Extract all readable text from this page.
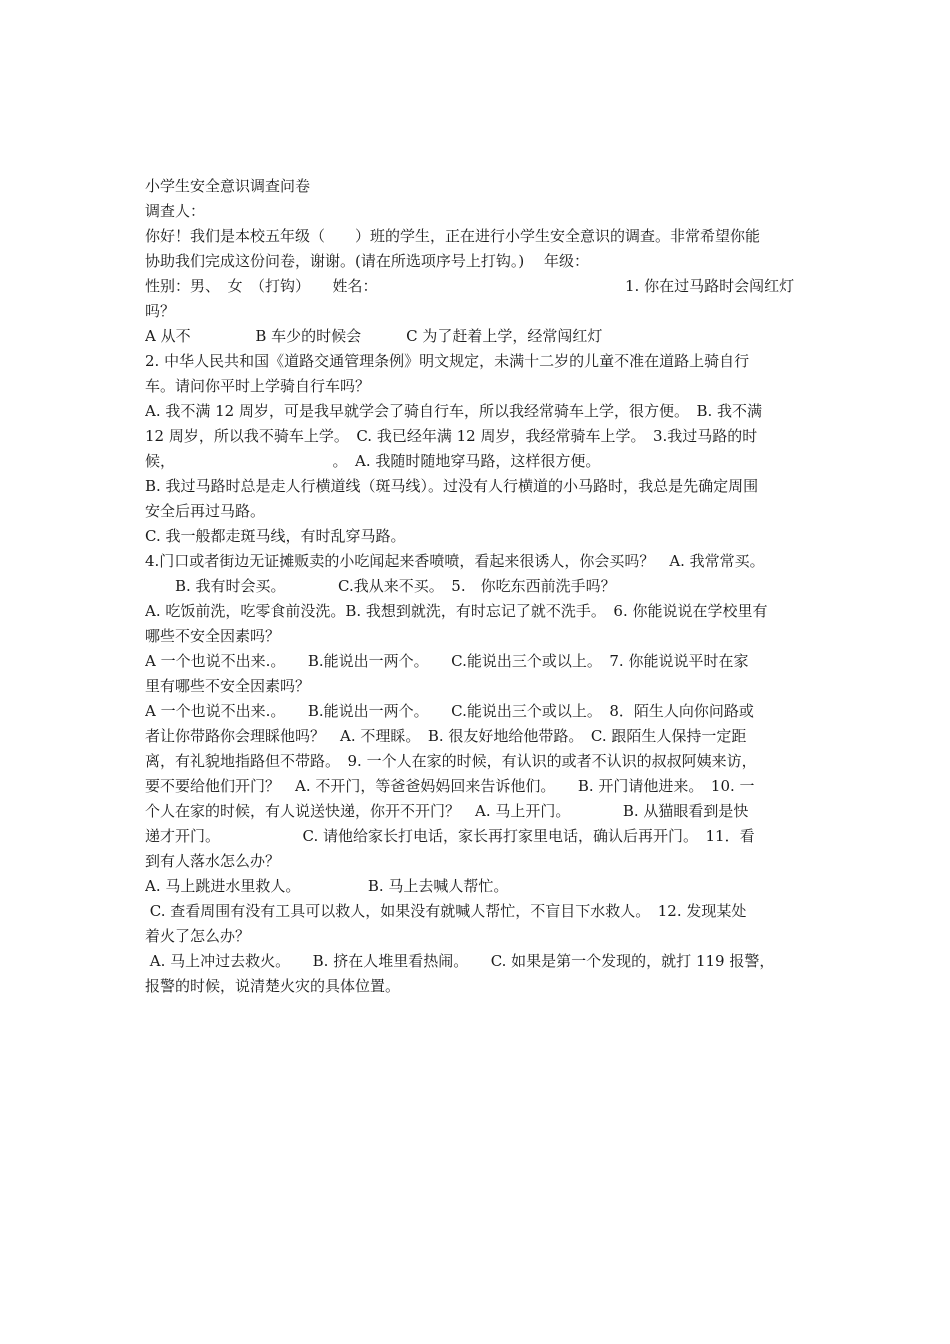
小学生安全意识调查问卷
调查人：
你好！我们是本校五年级（　　）班的学生，正在进行小学生安全意识的调查。非常希望你能
协助我们完成这份问卷，谢谢。(请在所选项序号上打钩。)　 年级：
性别：男、　女　（打钩）　　姓名：　　　　　　　　　　　　　　　　　1. 你在过马路时会闯红灯
吗？
A 从不　　　　 B 车少的时候会　　　C 为了赶着上学，经常闯红灯
2. 中华人民共和国《道路交通管理条例》明文规定，未满十二岁的儿童不准在道路上骑自行
车。请问你平时上学骑自行车吗？
A. 我不满 12 周岁，可是我早就学会了骑自行车，所以我经常骑车上学，很方便。　B. 我不满
12 周岁，所以我不骑车上学。　C. 我已经年满 12 周岁，我经常骑车上学。　3.我过马路的时
候，　　　　　　　　　　　。　A. 我随时随地穿马路，这样很方便。
B. 我过马路时总是走人行横道线（斑马线）。过没有人行横道的小马路时，我总是先确定周围
安全后再过马路。
C. 我一般都走斑马线，有时乱穿马路。
4.门口或者街边无证摊贩卖的小吃闻起来香喷喷，看起来很诱人，你会买吗？　A. 我常常买。
　　B. 我有时会买。　　　　C.我从来不买。　5.　你吃东西前洗手吗？
A. 吃饭前洗，吃零食前没洗。B. 我想到就洗，有时忘记了就不洗手。　6. 你能说说在学校里有
哪些不安全因素吗？
A 一个也说不出来.。　　B.能说出一两个。　　C.能说出三个或以上。　7. 你能说说平时在家
里有哪些不安全因素吗？
A 一个也说不出来.。　　B.能说出一两个。　　C.能说出三个或以上。　8．陌生人向你问路或
者让你带路你会理睬他吗？　A. 不理睬。　B. 很友好地给他带路。　C. 跟陌生人保持一定距
离，有礼貌地指路但不带路。　9. 一个人在家的时候，有认识的或者不认识的叔叔阿姨来访，
要不要给他们开门？　A. 不开门，等爸爸妈妈回来告诉他们。　　B. 开门请他进来。　10. 一
个人在家的时候，有人说送快递，你开不开门？　A. 马上开门。　　　　B. 从猫眼看到是快
递才开门。　　　　　　C. 请他给家长打电话，家长再打家里电话，确认后再开门。　11．看
到有人落水怎么办？
A. 马上跳进水里救人。　　　　　B. 马上去喊人帮忙。
C. 查看周围有没有工具可以救人，如果没有就喊人帮忙，不盲目下水救人。　12. 发现某处
着火了怎么办？
A. 马上冲过去救火。　　B. 挤在人堆里看热闹。　　C. 如果是第一个发现的，就打 119 报警，
报警的时候，说清楚火灾的具体位置。
